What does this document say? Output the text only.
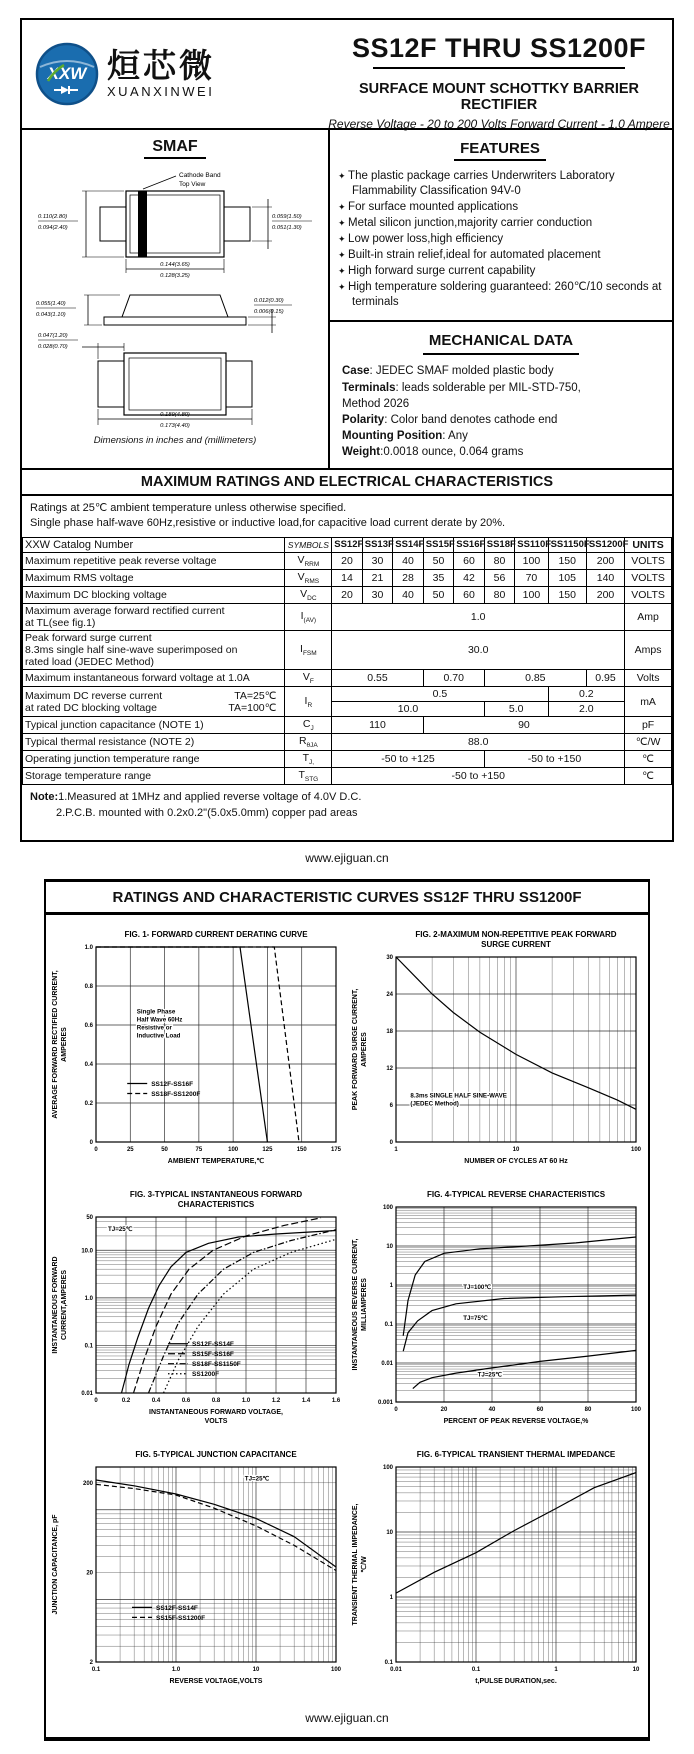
XXW 烜芯微
XUANXINWEI
SS12F THRU SS1200F
SURFACE MOUNT SCHOTTKY BARRIER RECTIFIER
Reverse Voltage - 20 to 200 Volts Forward Current - 1.0 Ampere
SMAF
Cathode Band
Top View
0.110(2.80)
0.094(2.40)
0.059(1.50)
0.051(1.30)
0.144(3.65)
0.128(3.25)
0.055(1.40)
0.043(1.10)
0.012(0.30)
0.006(0.15)
0.047(1.20)
0.028(0.70)
0.189(4.80)
0.173(4.40)
Dimensions in inches and (millimeters)
FEATURES
✦ The plastic package carries Underwriters Laboratory Flammability Classification 94V-0
✦ For surface mounted applications
✦ Metal silicon junction,majority carrier conduction
✦ Low power loss,high efficiency
✦ Built-in strain relief,ideal for automated placement
✦ High forward surge current capability
✦ High temperature soldering guaranteed: 260℃/10 seconds at terminals
MECHANICAL DATA
Case: JEDEC SMAF molded plastic body
Terminals: leads solderable per MIL-STD-750,
Method 2026
Polarity: Color band denotes cathode end
Mounting Position: Any
Weight:0.0018 ounce, 0.064 grams
MAXIMUM RATINGS AND ELECTRICAL CHARACTERISTICS
Ratings at 25℃ ambient temperature unless otherwise specified.
Single phase half-wave 60Hz,resistive or inductive load,for capacitive load current derate by 20%.
XXW Catalog Number	SYMBOLS	SS12F	SS13F	SS14F	SS15F	SS16F	SS18F	SS110F	SS1150F	SS1200F	UNITS

Maximum repetitive peak reverse voltage	$V_{RRM}$	20	30	40	50	60	80	100	150	200	VOLTS

Maximum RMS voltage	$V_{RMS}$	14	21	28	35	42	56	70	105	140	VOLTS

Maximum DC blocking voltage	$V_{DC}$	20	30	40	50	60	80	100	150	200	VOLTS

Maximum average forward rectified current
at TL(see fig.1)	$I_{(AV)}$	1.0									Amp

Peak forward surge current
8.3ms single half sine-wave superimposed on
rated load (JEDEC Method)	$I_{FSM}$	30.0									Amps

Maximum instantaneous forward voltage at 1.0A	$V_F$	0.55			0.70		0.85			0.95	Volts

Maximum DC reverse current TA=25℃
at rated DC blocking voltage TA=100℃	$I_R$	0.5							0.2		mA
		10.0					5.0		2.0		

Typical junction capacitance (NOTE 1)	$C_J$	110			90						pF

Typical thermal resistance (NOTE 2)	$R_{\theta JA}$	88.0									℃/W

Operating junction temperature range	$T_{J,}$	-50 to +125					-50 to +150				℃

Storage temperature range	$T_{STG}$	-50 to +150									℃
Note:1.Measured at 1MHz and applied reverse voltage of 4.0V D.C.
2.P.C.B. mounted with 0.2x0.2"(5.0x5.0mm) copper pad areas
www.ejiguan.cn
RATINGS AND CHARACTERISTIC CURVES SS12F THRU SS1200F
FIG. 1- FORWARD CURRENT DERATING CURVE
0	25	50	75	100	125	150	175
0
0.2
0.4
0.6
0.8
1.0
AMBIENT TEMPERATURE,℃
AVERAGE FORWARD RECTIFIED CURRENT, AMPERES
SS12F-SS16F
SS18F-SS1200F
Single Phase
Half Wave 60Hz
Resistive or
Inductive Load
FIG. 2-MAXIMUM NON-REPETITIVE PEAK FORWARD
SURGE CURRENT
1	10	100
0
6
12
18
24
30
NUMBER OF CYCLES AT 60 Hz
PEAK FORWARD SURGE CURRENT, AMPERES
8.3ms SINGLE HALF SINE-WAVE
(JEDEC Method)
FIG. 3-TYPICAL INSTANTANEOUS FORWARD
CHARACTERISTICS
0	0.2	0.4	0.6	0.8	1.0	1.2	1.4	1.6
0.01
0.1
1.0
10.0
50
INSTANTANEOUS FORWARD VOLTAGE,
VOLTS
INSTANTANEOUS FORWARD CURRENT,AMPERES
SS12F-SS14F
SS15F-SS16F
SS18F-SS1150F
SS1200F
TJ=25℃
FIG. 4-TYPICAL REVERSE CHARACTERISTICS
0	20	40	60	80	100
100
10
1
0.1
0.01
0.001
PERCENT OF PEAK REVERSE VOLTAGE,%
INSTANTANEOUS REVERSE CURRENT, MILLIAMPERES	TJ=100℃
TJ=75℃
TJ=25℃
FIG. 5-TYPICAL JUNCTION CAPACITANCE
0.1	1.0	10	100
200
20
2
REVERSE VOLTAGE,VOLTS
JUNCTION CAPACITANCE, pF	SS12F-SS14F
SS15F-SS1200F
TJ=25℃
FIG. 6-TYPICAL TRANSIENT THERMAL IMPEDANCE
0.01	0.1	1	10
100
10
1
0.1
t,PULSE DURATION,sec.
TRANSIENT THERMAL IMPEDANCE, ℃/W
www.ejiguan.cn
